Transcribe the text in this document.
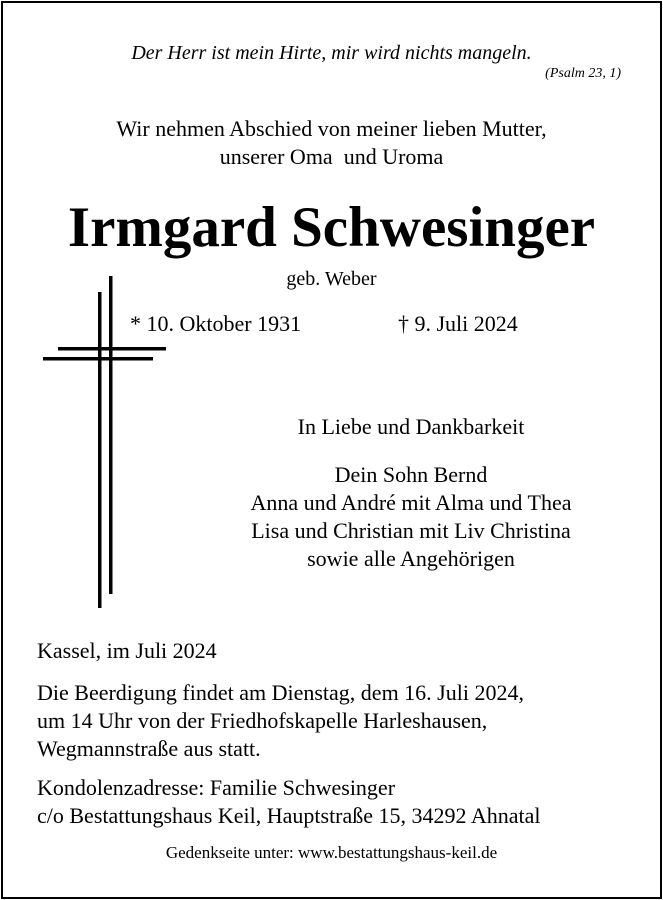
Der Herr ist mein Hirte, mir wird nichts mangeln.
(Psalm 23, 1)
Wir nehmen Abschied von meiner lieben Mutter,
unserer Oma  und Uroma
Irmgard Schwesinger
geb. Weber
* 10. Oktober 1931	† 9. Juli 2024
In Liebe und Dankbarkeit
Dein Sohn Bernd
Anna und André mit Alma und Thea
Lisa und Christian mit Liv Christina
sowie alle Angehörigen
Kassel, im Juli 2024
Die Beerdigung findet am Dienstag, dem 16. Juli 2024,
um 14 Uhr von der Friedhofskapelle Harleshausen,
Wegmannstraße aus statt.
Kondolenzadresse: Familie Schwesinger
c/o Bestattungshaus Keil, Hauptstraße 15, 34292 Ahnatal
Gedenkseite unter: www.bestattungshaus-keil.de
